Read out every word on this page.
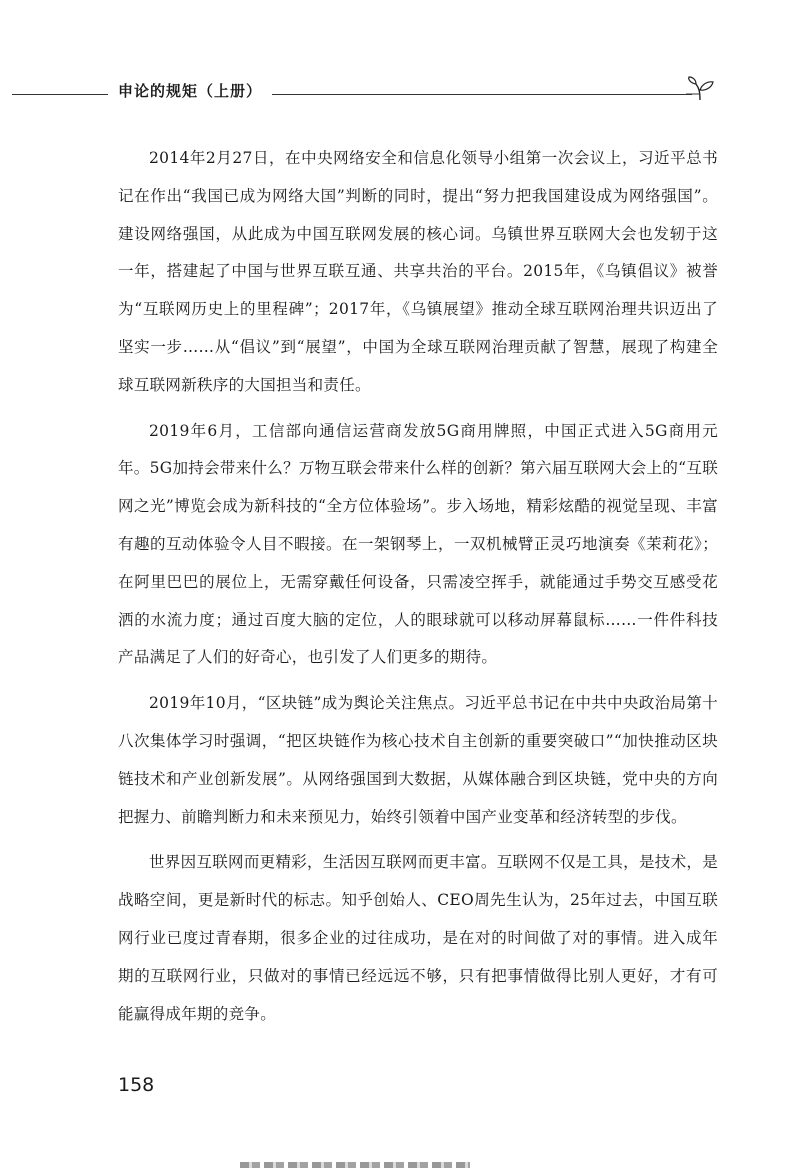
申论的规矩（上册）

2014年2月27日，在中央网络安全和信息化领导小组第一次会议上，习近平总书记在作出“我国已成为网络大国”判断的同时，提出“努力把我国建设成为网络强国”。建设网络强国，从此成为中国互联网发展的核心词。乌镇世界互联网大会也发轫于这一年，搭建起了中国与世界互联互通、共享共治的平台。2015年，《乌镇倡议》被誉为“互联网历史上的里程碑”；2017年，《乌镇展望》推动全球互联网治理共识迈出了坚实一步……从“倡议”到“展望”，中国为全球互联网治理贡献了智慧，展现了构建全球互联网新秩序的大国担当和责任。

2019年6月，工信部向通信运营商发放5G商用牌照，中国正式进入5G商用元年。5G加持会带来什么？万物互联会带来什么样的创新？第六届互联网大会上的“互联网之光”博览会成为新科技的“全方位体验场”。步入场地，精彩炫酷的视觉呈现、丰富有趣的互动体验令人目不暇接。在一架钢琴上，一双机械臂正灵巧地演奏《茉莉花》；在阿里巴巴的展位上，无需穿戴任何设备，只需凌空挥手，就能通过手势交互感受花洒的水流力度；通过百度大脑的定位，人的眼球就可以移动屏幕鼠标……一件件科技产品满足了人们的好奇心，也引发了人们更多的期待。

2019年10月，“区块链”成为舆论关注焦点。习近平总书记在中共中央政治局第十八次集体学习时强调，“把区块链作为核心技术自主创新的重要突破口”“加快推动区块链技术和产业创新发展”。从网络强国到大数据，从媒体融合到区块链，党中央的方向把握力、前瞻判断力和未来预见力，始终引领着中国产业变革和经济转型的步伐。

世界因互联网而更精彩，生活因互联网而更丰富。互联网不仅是工具，是技术，是战略空间，更是新时代的标志。知乎创始人、CEO周先生认为，25年过去，中国互联网行业已度过青春期，很多企业的过往成功，是在对的时间做了对的事情。进入成年期的互联网行业，只做对的事情已经远远不够，只有把事情做得比别人更好，才有可能赢得成年期的竞争。

158
